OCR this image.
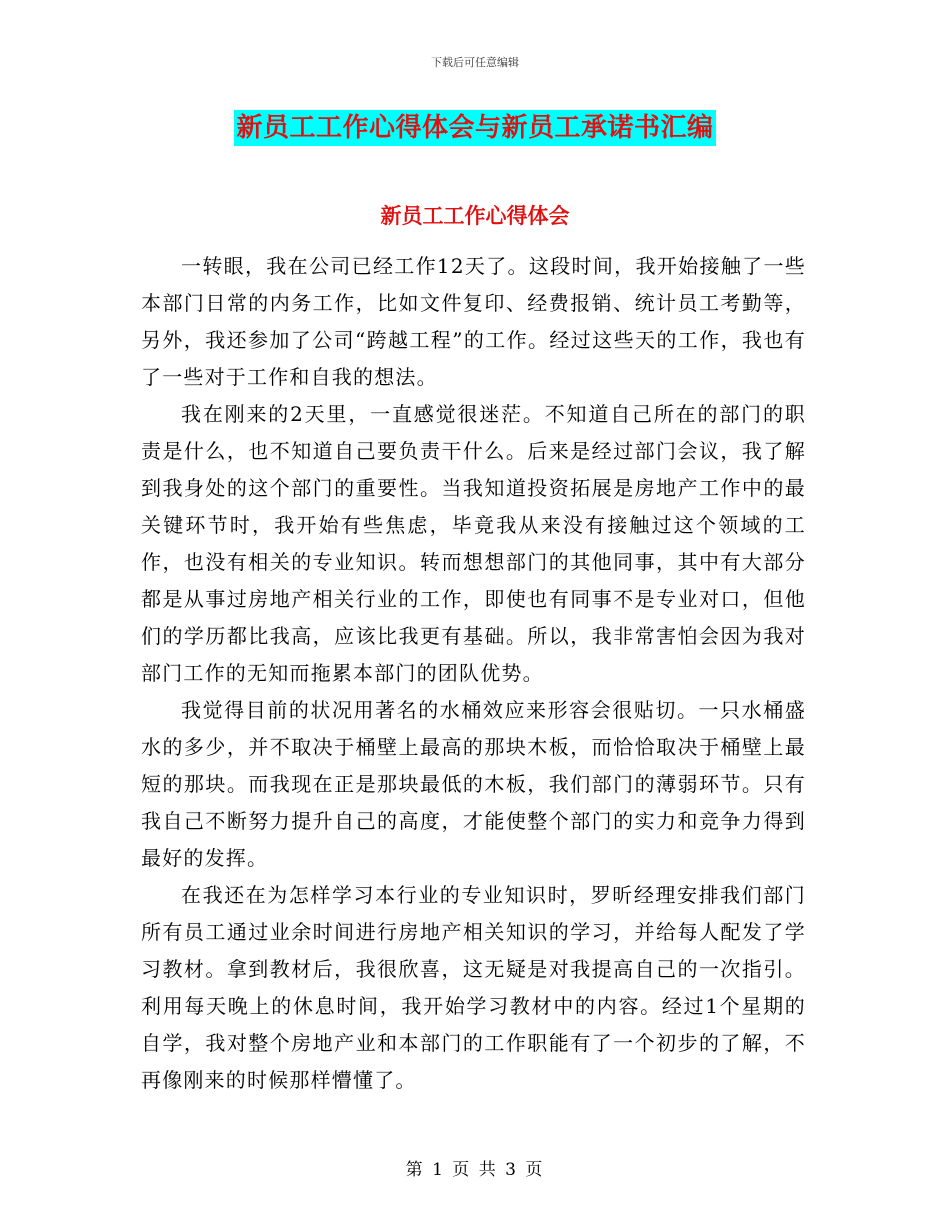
下载后可任意编辑
新员工工作心得体会与新员工承诺书汇编
新员工工作心得体会

一转眼，我在公司已经工作12天了。这段时间，我开始接触了一些本部门日常的内务工作，比如文件复印、经费报销、统计员工考勤等，另外，我还参加了公司“跨越工程”的工作。经过这些天的工作，我也有了一些对于工作和自我的想法。

我在刚来的2天里，一直感觉很迷茫。不知道自己所在的部门的职责是什么，也不知道自己要负责干什么。后来是经过部门会议，我了解到我身处的这个部门的重要性。当我知道投资拓展是房地产工作中的最关键环节时，我开始有些焦虑，毕竟我从来没有接触过这个领域的工作，也没有相关的专业知识。转而想想部门的其他同事，其中有大部分都是从事过房地产相关行业的工作，即使也有同事不是专业对口，但他们的学历都比我高，应该比我更有基础。所以，我非常害怕会因为我对部门工作的无知而拖累本部门的团队优势。

我觉得目前的状况用著名的水桶效应来形容会很贴切。一只水桶盛水的多少，并不取决于桶壁上最高的那块木板，而恰恰取决于桶壁上最短的那块。而我现在正是那块最低的木板，我们部门的薄弱环节。只有我自己不断努力提升自己的高度，才能使整个部门的实力和竞争力得到最好的发挥。

在我还在为怎样学习本行业的专业知识时，罗昕经理安排我们部门所有员工通过业余时间进行房地产相关知识的学习，并给每人配发了学习教材。拿到教材后，我很欣喜，这无疑是对我提高自己的一次指引。利用每天晚上的休息时间，我开始学习教材中的内容。经过1个星期的自学，我对整个房地产业和本部门的工作职能有了一个初步的了解，不再像刚来的时候那样懵懂了。

第 1 页 共 3 页
